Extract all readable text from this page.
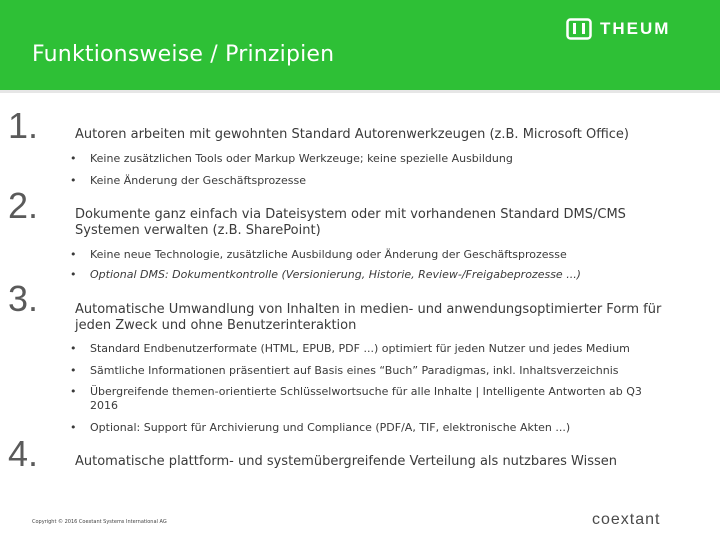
Funktionsweise / Prinzipien
THEUM
1.	Autoren arbeiten mit gewohnten Standard Autorenwerkzeugen (z.B. Microsoft Office)
• Keine zusätzlichen Tools oder Markup Werkzeuge; keine spezielle Ausbildung
• Keine Änderung der Geschäftsprozesse
2.	Dokumente ganz einfach via Dateisystem oder mit vorhandenen Standard DMS/CMS Systemen verwalten (z.B. SharePoint)
• Keine neue Technologie, zusätzliche Ausbildung oder Änderung der Geschäftsprozesse
• Optional DMS: Dokumentkontrolle (Versionierung, Historie, Review-/Freigabeprozesse ...)
3.	Automatische Umwandlung von Inhalten in medien- und anwendungsoptimierter Form für jeden Zweck und ohne Benutzerinteraktion
• Standard Endbenutzerformate (HTML, EPUB, PDF ...) optimiert für jeden Nutzer und jedes Medium
• Sämtliche Informationen präsentiert auf Basis eines “Buch” Paradigmas, inkl. Inhaltsverzeichnis
• Übergreifende themen-orientierte Schlüsselwortsuche für alle Inhalte | Intelligente Antworten ab Q3 2016
• Optional: Support für Archivierung und Compliance (PDF/A, TIF, elektronische Akten ...)
4.	Automatische plattform- und systemübergreifende Verteilung als nutzbares Wissen
Copyright © 2016 Coextant Systems International AG	coextant
